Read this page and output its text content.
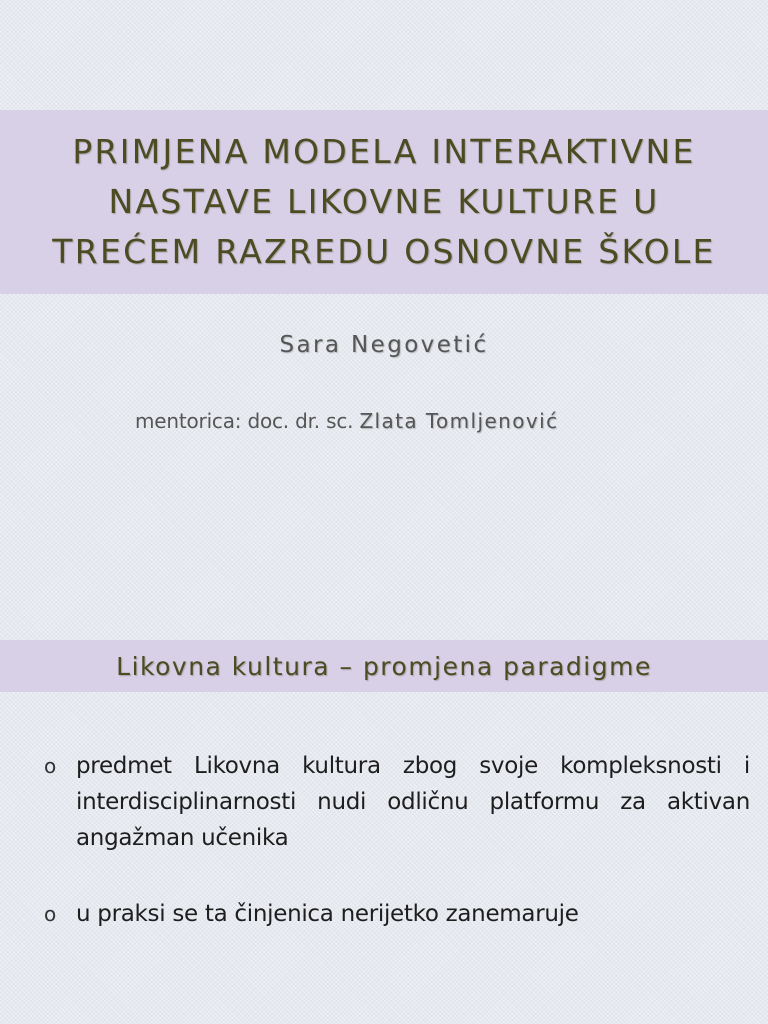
PRIMJENA MODELA INTERAKTIVNE
NASTAVE LIKOVNE KULTURE U
TREĆEM RAZREDU OSNOVNE ŠKOLE
Sara Negovetić
mentorica: doc. dr. sc. Zlata Tomljenović
Likovna kultura – promjena paradigme
o predmet Likovna kultura zbog svoje kompleksnosti i interdisciplinarnosti nudi odličnu platformu za aktivan angažman učenika
o u praksi se ta činjenica nerijetko zanemaruje
